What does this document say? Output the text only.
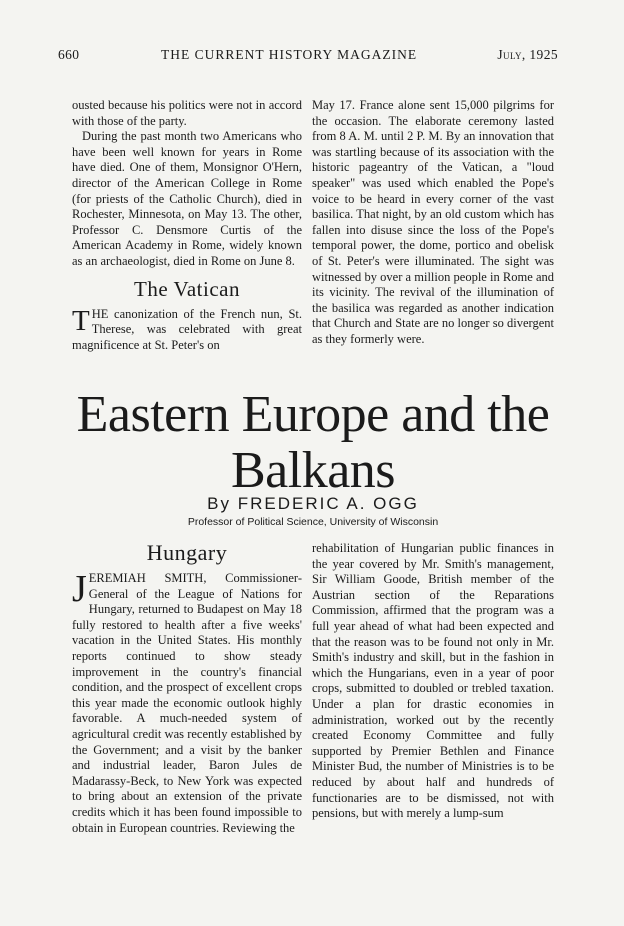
660	THE CURRENT HISTORY MAGAZINE	July, 1925

ousted because his politics were not in accord with those of the party.

During the past month two Americans who have been well known for years in Rome have died. One of them, Monsignor O'Hern, director of the American College in Rome (for priests of the Catholic Church), died in Rochester, Minnesota, on May 13. The other, Professor C. Densmore Curtis of the American Academy in Rome, widely known as an archaeologist, died in Rome on June 8.

The Vatican

THE canonization of the French nun, St. Therese, was celebrated with great magnificence at St. Peter's on

May 17. France alone sent 15,000 pilgrims for the occasion. The elaborate ceremony lasted from 8 A. M. until 2 P. M. By an innovation that was startling because of its association with the historic pageantry of the Vatican, a "loud speaker" was used which enabled the Pope's voice to be heard in every corner of the vast basilica. That night, by an old custom which has fallen into disuse since the loss of the Pope's temporal power, the dome, portico and obelisk of St. Peter's were illuminated. The sight was witnessed by over a million people in Rome and its vicinity. The revival of the illumination of the basilica was regarded as another indication that Church and State are no longer so divergent as they formerly were.

Eastern Europe and the
Balkans
By FREDERIC A. OGG
Professor of Political Science, University of Wisconsin
Hungary

JEREMIAH SMITH, Commissioner-General of the League of Nations for Hungary, returned to Budapest on May 18 fully restored to health after a five weeks' vacation in the United States. His monthly reports continued to show steady improvement in the country's financial condition, and the prospect of excellent crops this year made the economic outlook highly favorable. A much-needed system of agricultural credit was recently established by the Government; and a visit by the banker and industrial leader, Baron Jules de Madarassy-Beck, to New York was expected to bring about an extension of the private credits which it has been found impossible to obtain in European countries. Reviewing the

rehabilitation of Hungarian public finances in the year covered by Mr. Smith's management, Sir William Goode, British member of the Austrian section of the Reparations Commission, affirmed that the program was a full year ahead of what had been expected and that the reason was to be found not only in Mr. Smith's industry and skill, but in the fashion in which the Hungarians, even in a year of poor crops, submitted to doubled or trebled taxation. Under a plan for drastic economies in administration, worked out by the recently created Economy Committee and fully supported by Premier Bethlen and Finance Minister Bud, the number of Ministries is to be reduced by about half and hundreds of functionaries are to be dismissed, not with pensions, but with merely a lump-sum
